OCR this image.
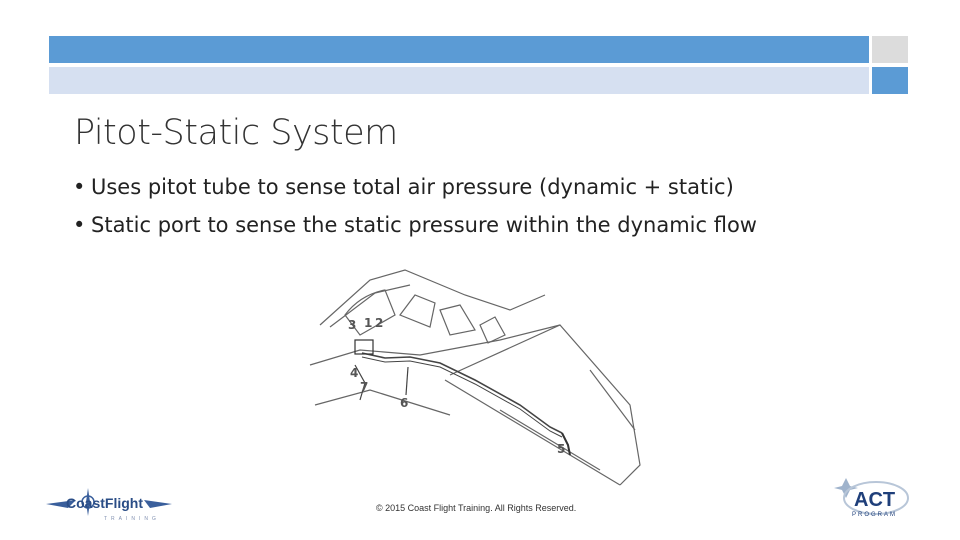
Pitot-Static System
• Uses pitot tube to sense total air pressure (dynamic + static)
• Static port to sense the static pressure within the dynamic flow
3 1 2
4
7
6
5
CoastFlight
TRAINING
© 2015 Coast Flight Training. All Rights Reserved.	ACT
PROGRAM
